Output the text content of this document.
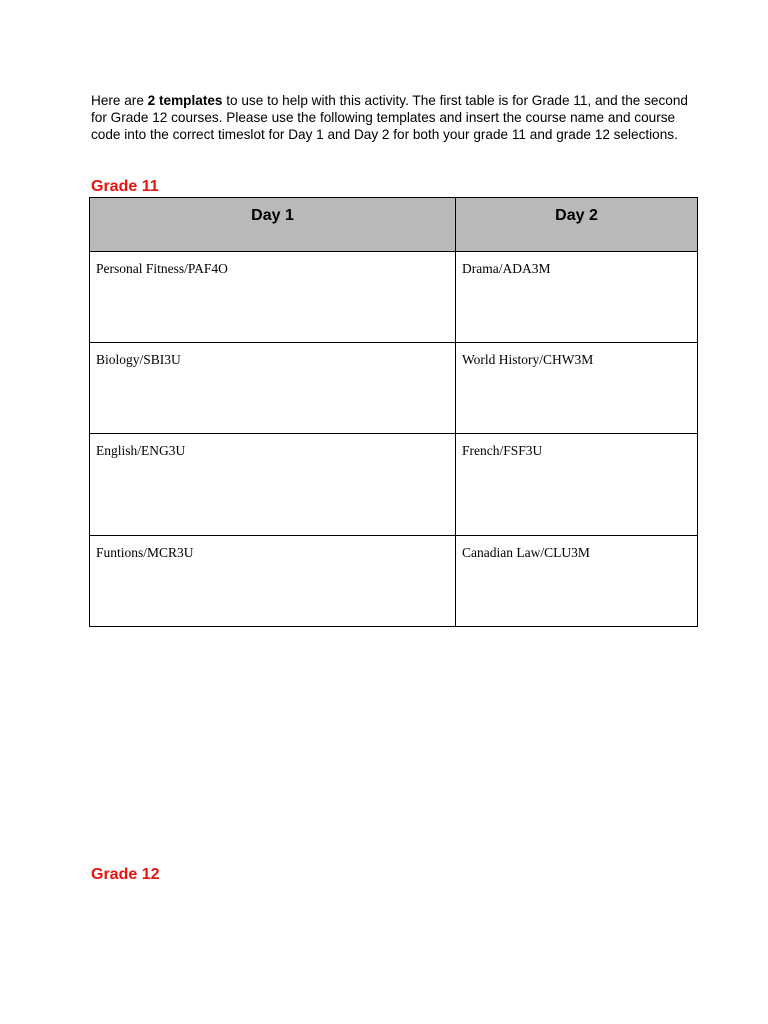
Here are 2 templates to use to help with this activity. The first table is for Grade 11, and the second for Grade 12 courses. Please use the following templates and insert the course name and course code into the correct timeslot for Day 1 and Day 2 for both your grade 11 and grade 12 selections.

Grade 11
Day 1	Day 2

Personal Fitness/PAF4O	Drama/ADA3M

Biology/SBI3U	World History/CHW3M

English/ENG3U	French/FSF3U

Funtions/MCR3U	Canadian Law/CLU3M
Grade 12
